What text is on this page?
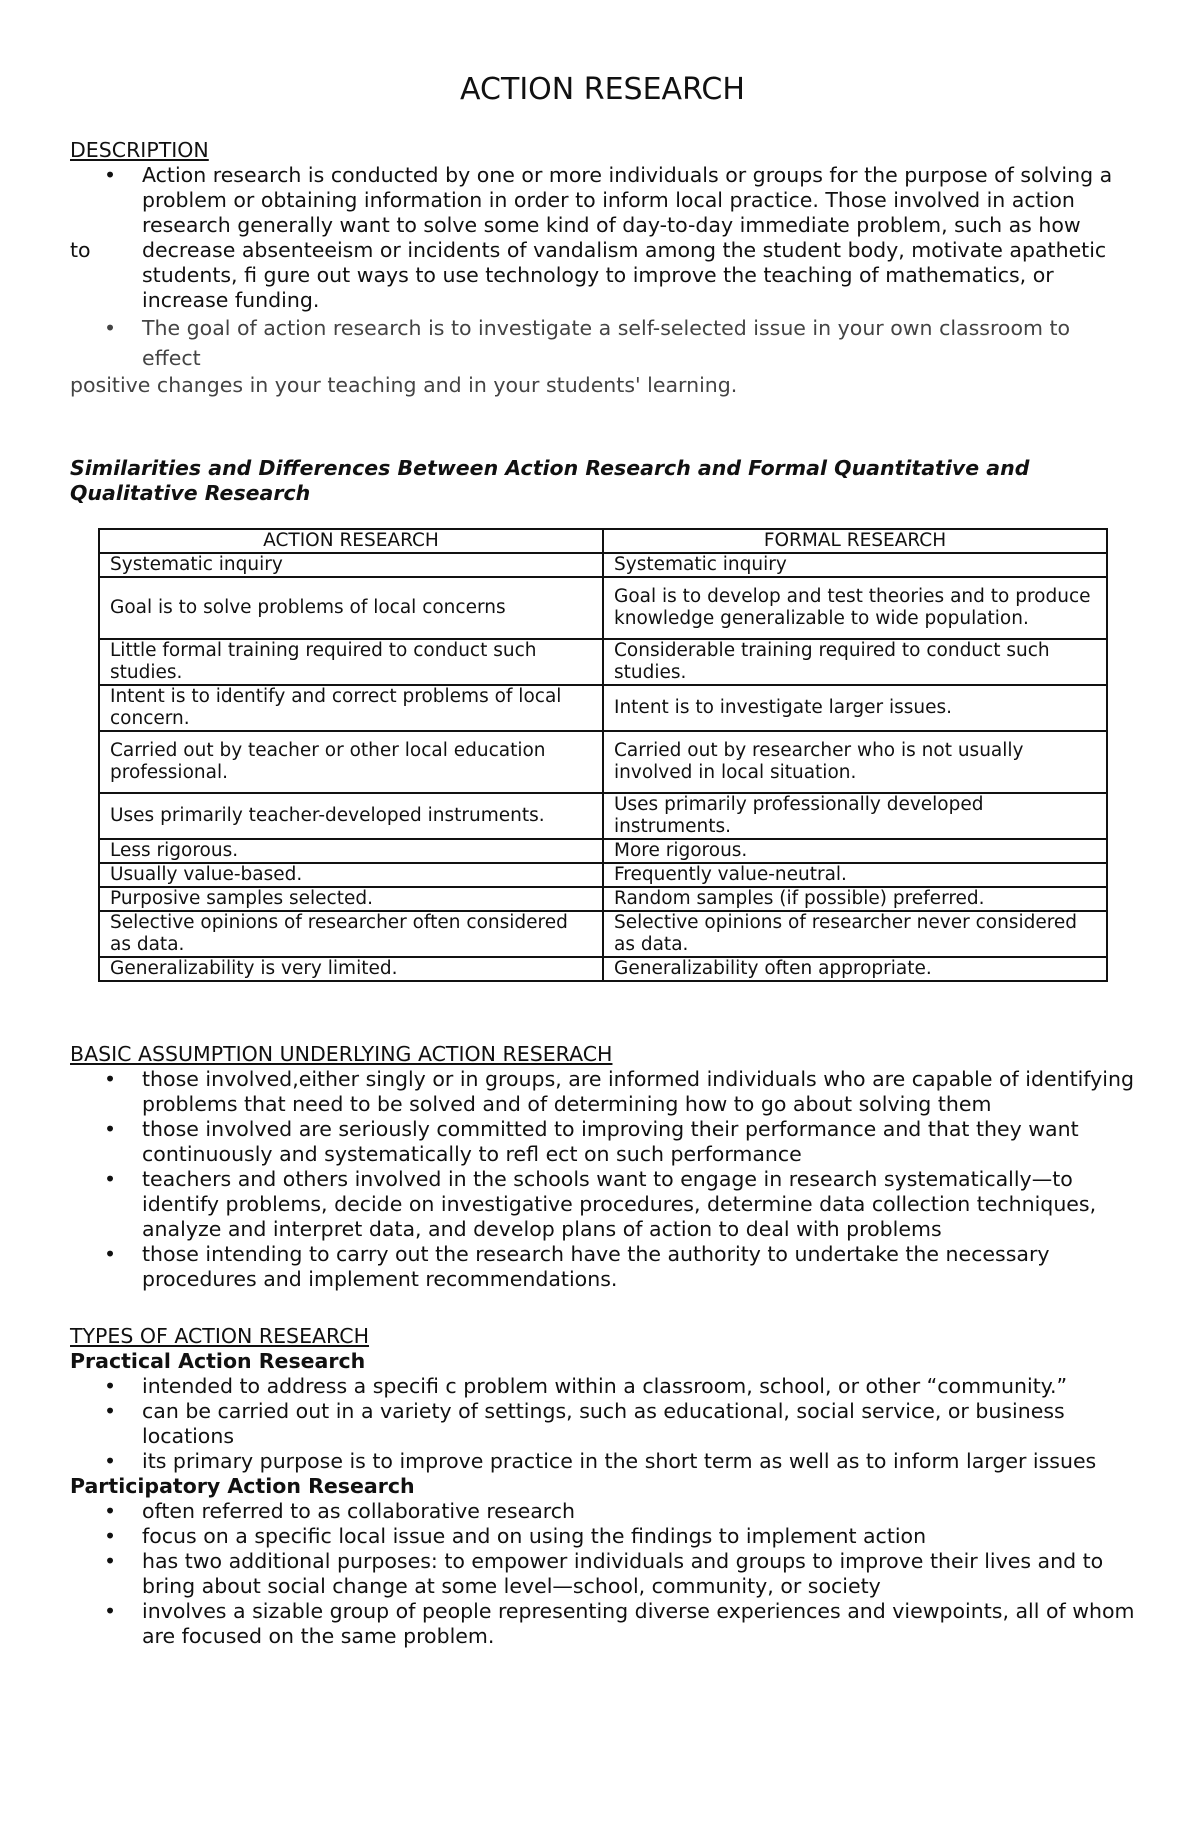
ACTION RESEARCH
DESCRIPTION
• Action research is conducted by one or more individuals or groups for the purpose of solving a
problem or obtaining information in order to inform local practice. Those involved in action research generally want to solve some kind of day-to-day immediate problem, such as how
to	decrease absenteeism or incidents of vandalism among the student body, motivate apathetic students, fi gure out ways to use technology to improve the teaching of mathematics, or increase funding.
• The goal of action research is to investigate a self-selected issue in your own classroom to effect

positive changes in your teaching and in your students' learning.

Similarities and Differences Between Action Research and Formal Quantitative and Qualitative Research

ACTION RESEARCH	FORMAL RESEARCH
Systematic inquiry	Systematic inquiry
Goal is to solve problems of local concerns	Goal is to develop and test theories and to produce knowledge generalizable to wide population.
Little formal training required to conduct such studies.	Considerable training required to conduct such studies.
Intent is to identify and correct problems of local concern.	Intent is to investigate larger issues.
Carried out by teacher or other local education professional.	Carried out by researcher who is not usually involved in local situation.
Uses primarily teacher-developed instruments.	Uses primarily professionally developed instruments.
Less rigorous.	More rigorous.
Usually value-based.	Frequently value-neutral.
Purposive samples selected.	Random samples (if possible) preferred.
Selective opinions of researcher often considered as data.	Selective opinions of researcher never considered as data.
Generalizability is very limited.	Generalizability often appropriate.
BASIC ASSUMPTION UNDERLYING ACTION RESERACH
• those involved,either singly or in groups, are informed individuals who are capable of identifying problems that need to be solved and of determining how to go about solving them
• those involved are seriously committed to improving their performance and that they want continuously and systematically to refl ect on such performance
• teachers and others involved in the schools want to engage in research systematically—to identify problems, decide on investigative procedures, determine data collection techniques, analyze and interpret data, and develop plans of action to deal with problems
• those intending to carry out the research have the authority to undertake the necessary procedures and implement recommendations.
TYPES OF ACTION RESEARCH
Practical Action Research
• intended to address a specifi c problem within a classroom, school, or other “community.”
• can be carried out in a variety of settings, such as educational, social service, or business locations
• its primary purpose is to improve practice in the short term as well as to inform larger issues
Participatory Action Research
• often referred to as collaborative research
• focus on a specific local issue and on using the findings to implement action
• has two additional purposes: to empower individuals and groups to improve their lives and to bring about social change at some level—school, community, or society
• involves a sizable group of people representing diverse experiences and viewpoints, all of whom are focused on the same problem.
